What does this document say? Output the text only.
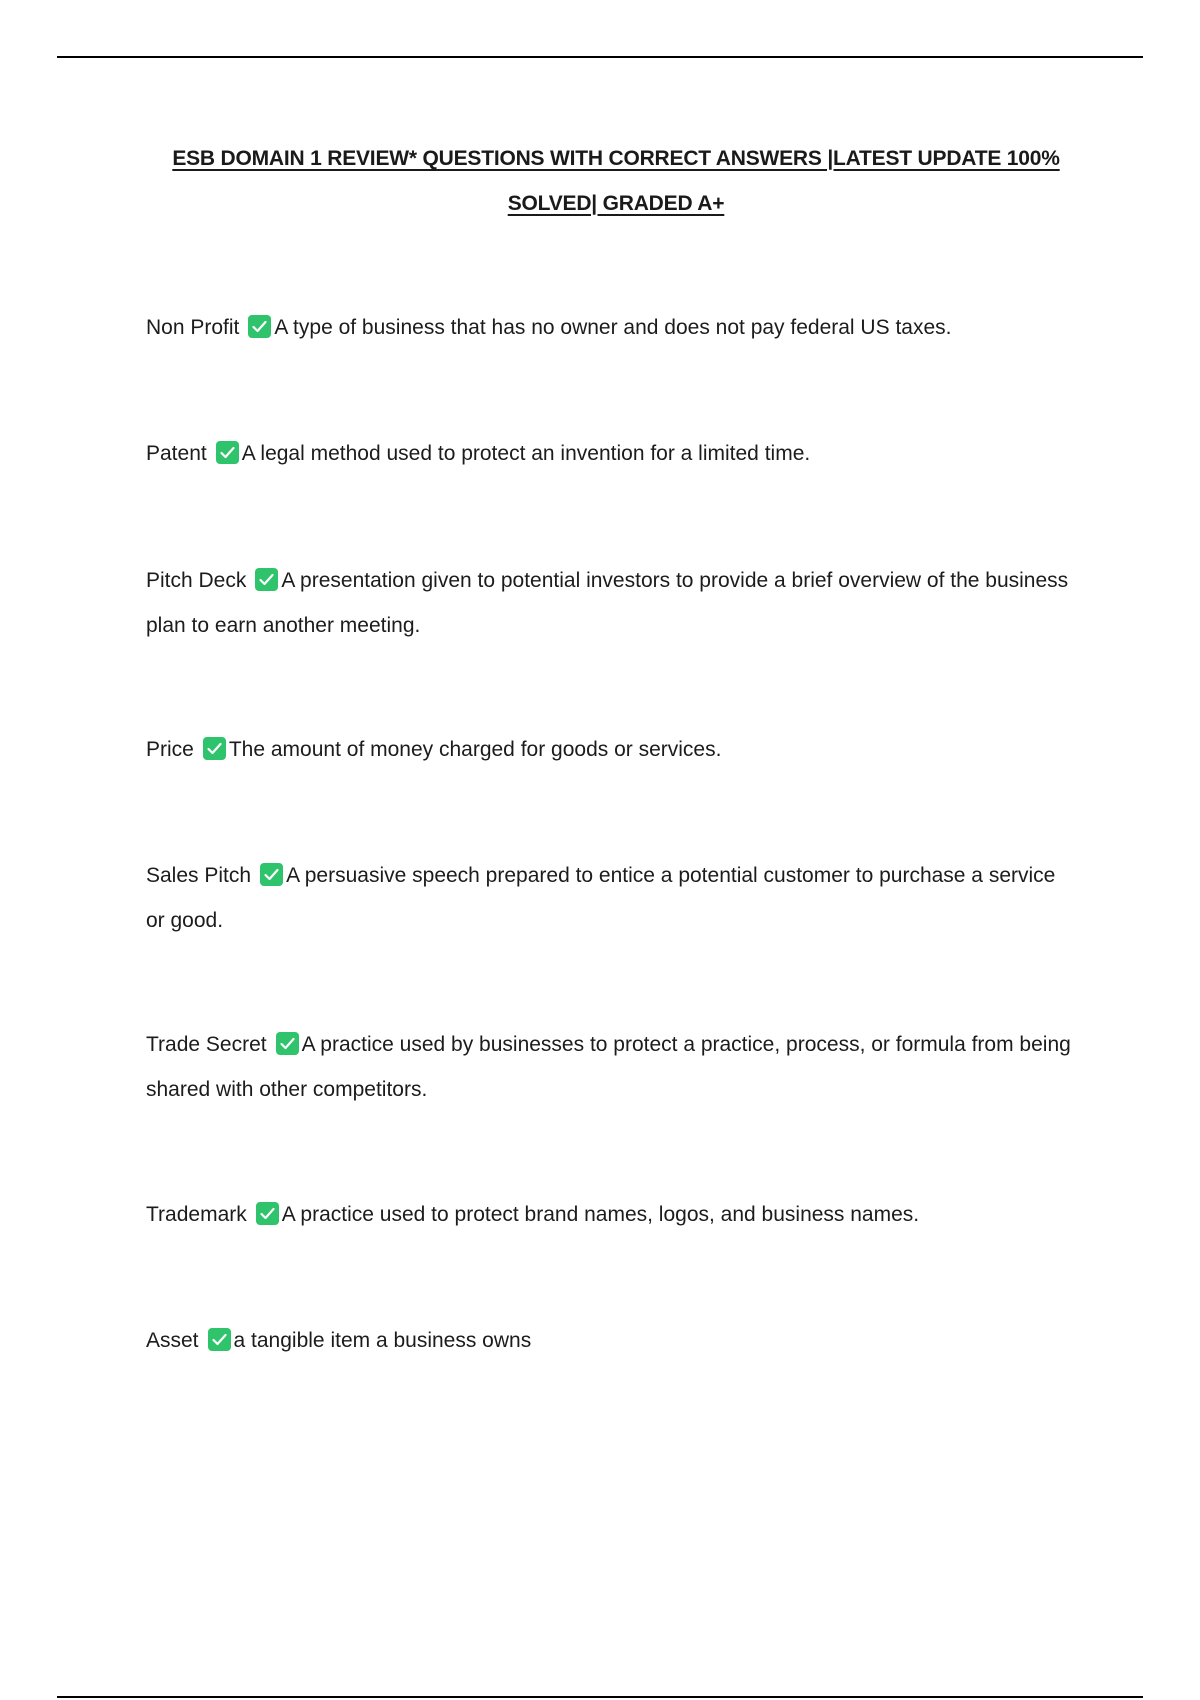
ESB DOMAIN 1 REVIEW* QUESTIONS WITH CORRECT ANSWERS |LATEST UPDATE 100%
SOLVED| GRADED A+
Non Profit A type of business that has no owner and does not pay federal US taxes.
Patent A legal method used to protect an invention for a limited time.
Pitch Deck A presentation given to potential investors to provide a brief overview of the business plan to earn another meeting.
Price The amount of money charged for goods or services.
Sales Pitch A persuasive speech prepared to entice a potential customer to purchase a service or good.
Trade Secret A practice used by businesses to protect a practice, process, or formula from being shared with other competitors.
Trademark A practice used to protect brand names, logos, and business names.
Asset a tangible item a business owns
